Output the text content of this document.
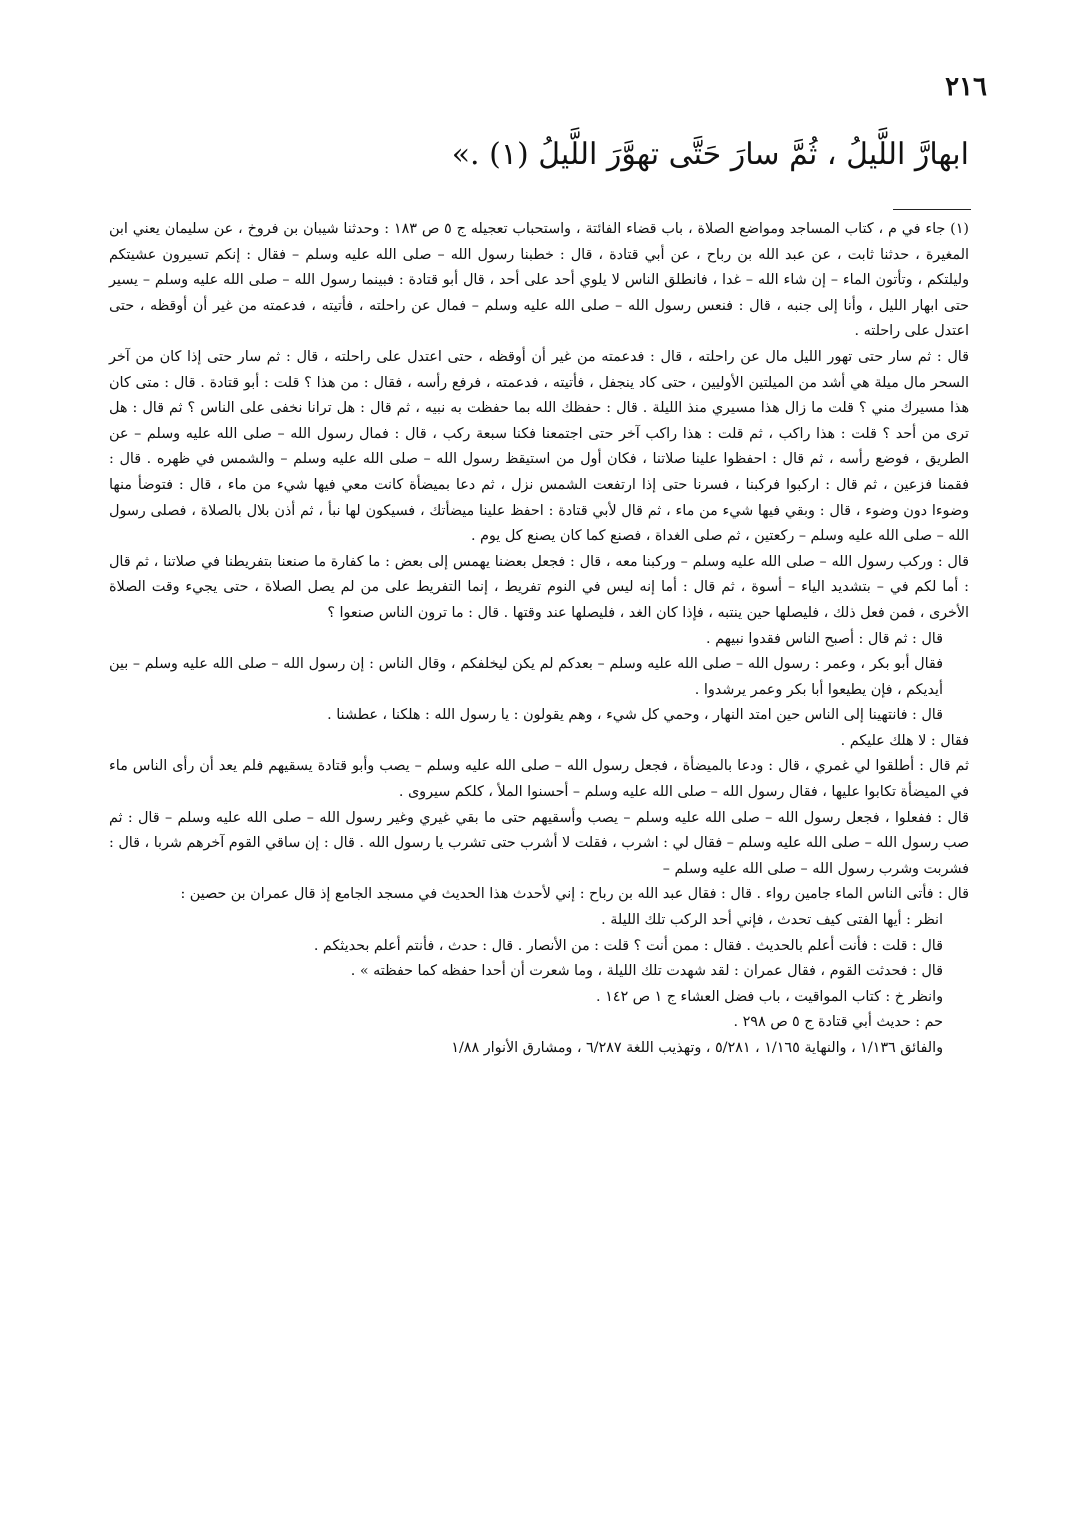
٢١٦
ابهارَّ اللَّيلُ ، ثُمَّ سارَ حَتَّى تهوَّرَ اللَّيلُ (١) .»

(١) جاء في م ، كتاب المساجد ومواضع الصلاة ، باب قضاء الفائتة ، واستحباب تعجيله ج ٥ ص ١٨٣ : وحدثنا شيبان بن فروخ ، عن سليمان يعني ابن المغيرة ، حدثنا ثابت ، عن عبد الله بن رباح ، عن أبي قتادة ، قال : خطبنا رسول الله – صلى الله عليه وسلم – فقال : إنكم تسيرون عشيتكم وليلتكم ، وتأتون الماء – إن شاء الله – غدا ، فانطلق الناس لا يلوي أحد على أحد ، قال أبو قتادة : فبينما رسول الله – صلى الله عليه وسلم – يسير حتى ابهار الليل ، وأنا إلى جنبه ، قال : فنعس رسول الله – صلى الله عليه وسلم – فمال عن راحلته ، فأتيته ، فدعمته من غير أن أوقظه ، حتى اعتدل على راحلته .

قال : ثم سار حتى تهور الليل مال عن راحلته ، قال : فدعمته من غير أن أوقظه ، حتى اعتدل على راحلته ، قال : ثم سار حتى إذا كان من آخر السحر مال ميلة هي أشد من الميلتين الأوليين ، حتى كاد ينجفل ، فأتيته ، فدعمته ، فرفع رأسه ، فقال : من هذا ؟ قلت : أبو قتادة . قال : متى كان هذا مسيرك مني ؟ قلت ما زال هذا مسيري منذ الليلة . قال : حفظك الله بما حفظت به نبيه ، ثم قال : هل ترانا نخفى على الناس ؟ ثم قال : هل ترى من أحد ؟ قلت : هذا راكب ، ثم قلت : هذا راكب آخر حتى اجتمعنا فكنا سبعة ركب ، قال : فمال رسول الله – صلى الله عليه وسلم – عن الطريق ، فوضع رأسه ، ثم قال : احفظوا علينا صلاتنا ، فكان أول من استيقظ رسول الله – صلى الله عليه وسلم – والشمس في ظهره . قال : فقمنا فزعين ، ثم قال : اركبوا فركبنا ، فسرنا حتى إذا ارتفعت الشمس نزل ، ثم دعا بميضأة كانت معي فيها شيء من ماء ، قال : فتوضأ منها وضوءا دون وضوء ، قال : وبقي فيها شيء من ماء ، ثم قال لأبي قتادة : احفظ علينا ميضأتك ، فسيكون لها نبأ ، ثم أذن بلال بالصلاة ، فصلى رسول الله – صلى الله عليه وسلم – ركعتين ، ثم صلى الغداة ، فصنع كما كان يصنع كل يوم .

قال : وركب رسول الله – صلى الله عليه وسلم – وركبنا معه ، قال : فجعل بعضنا يهمس إلى بعض : ما كفارة ما صنعنا بتفريطنا في صلاتنا ، ثم قال : أما لكم في – بتشديد الياء – أسوة ، ثم قال : أما إنه ليس في النوم تفريط ، إنما التفريط على من لم يصل الصلاة ، حتى يجيء وقت الصلاة الأخرى ، فمن فعل ذلك ، فليصلها حين ينتبه ، فإذا كان الغد ، فليصلها عند وقتها . قال : ما ترون الناس صنعوا ؟

قال : ثم قال : أصبح الناس فقدوا نبيهم .

فقال أبو بكر ، وعمر : رسول الله – صلى الله عليه وسلم – بعدكم لم يكن ليخلفكم ، وقال الناس : إن رسول الله – صلى الله عليه وسلم – بين أيديكم ، فإن يطيعوا أبا بكر وعمر يرشدوا .

قال : فانتهينا إلى الناس حين امتد النهار ، وحمي كل شيء ، وهم يقولون : يا رسول الله : هلكنا ، عطشنا .

فقال : لا هلك عليكم .

ثم قال : أطلقوا لي غمري ، قال : ودعا بالميضأة ، فجعل رسول الله – صلى الله عليه وسلم – يصب وأبو قتادة يسقيهم فلم يعد أن رأى الناس ماء في الميضأة تكابوا عليها ، فقال رسول الله – صلى الله عليه وسلم – أحسنوا الملأ ، كلكم سيروى .

قال : ففعلوا ، فجعل رسول الله – صلى الله عليه وسلم – يصب وأسقيهم حتى ما بقي غيري وغير رسول الله – صلى الله عليه وسلم – قال : ثم صب رسول الله – صلى الله عليه وسلم – فقال لي : اشرب ، فقلت لا أشرب حتى تشرب يا رسول الله . قال : إن ساقي القوم آخرهم شربا ، قال : فشربت وشرب رسول الله – صلى الله عليه وسلم –

قال : فأتى الناس الماء جامين رواء . قال : فقال عبد الله بن رباح : إني لأحدث هذا الحديث في مسجد الجامع إذ قال عمران بن حصين :

انظر : أيها الفتى كيف تحدث ، فإني أحد الركب تلك الليلة .

قال : قلت : فأنت أعلم بالحديث . فقال : ممن أنت ؟ قلت : من الأنصار . قال : حدث ، فأنتم أعلم بحديثكم .

قال : فحدثت القوم ، فقال عمران : لقد شهدت تلك الليلة ، وما شعرت أن أحدا حفظه كما حفظته » .

وانظر خ : كتاب المواقيت ، باب فضل العشاء ج ١ ص ١٤٢ .

حم : حديث أبي قتادة ج ٥ ص ٢٩٨ .

والفائق ١/١٣٦ ، والنهاية ١/١٦٥ ، ٥/٢٨١ ، وتهذيب اللغة ٦/٢٨٧ ، ومشارق الأنوار ١/٨٨
